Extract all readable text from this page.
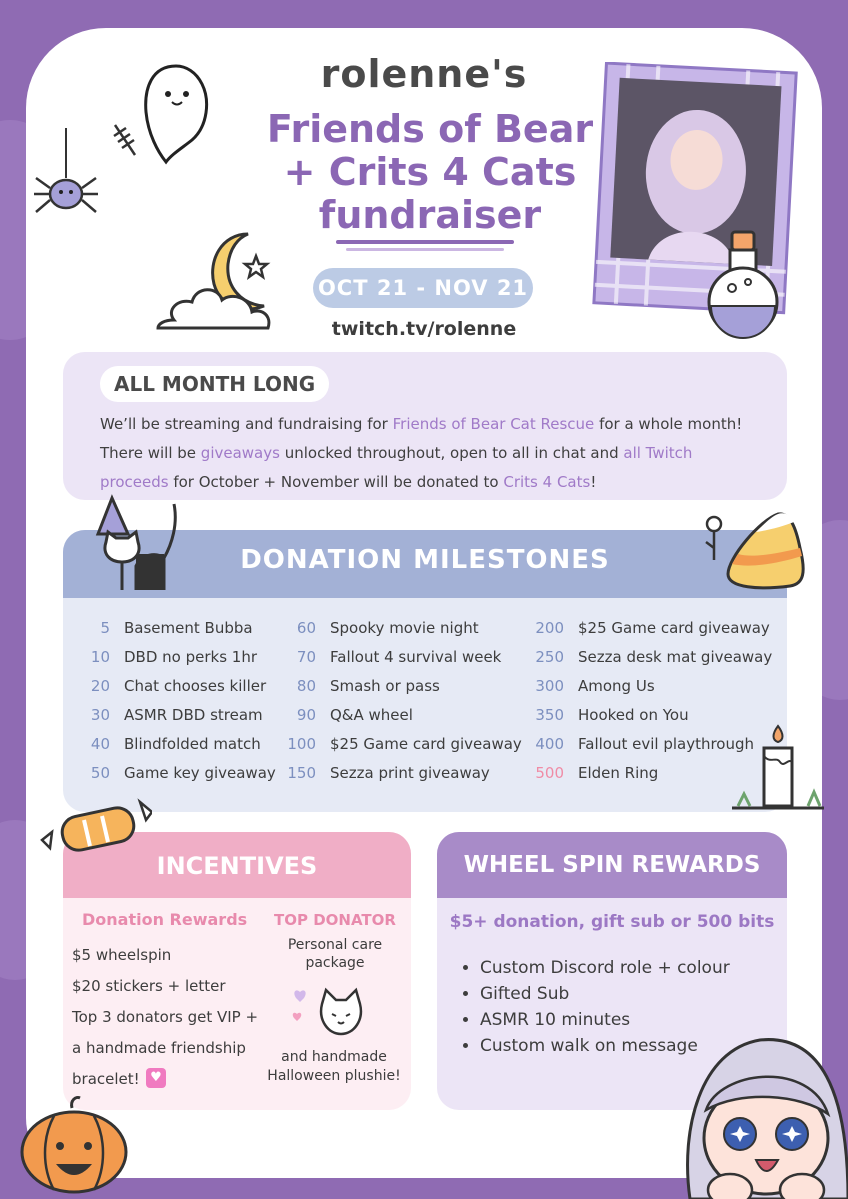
rolenne's
Friends of Bear
+ Crits 4 Cats
fundraiser
OCT 21 - NOV 21
twitch.tv/rolenne
ALL MONTH LONG
We’ll be streaming and fundraising for Friends of Bear Cat Rescue for a whole month! There will be giveaways unlocked throughout, open to all in chat and all Twitch proceeds for October + November will be donated to Crits 4 Cats!
DONATION MILESTONES
5 Basement Bubba
10 DBD no perks 1hr
20 Chat chooses killer
30 ASMR DBD stream
40 Blindfolded match
50 Game key giveaway
60 Spooky movie night
70 Fallout 4 survival week
80 Smash or pass
90 Q&A wheel
100 $25 Game card giveaway
150 Sezza print giveaway
200 $25 Game card giveaway
250 Sezza desk mat giveaway
300 Among Us
350 Hooked on You
400 Fallout evil playthrough
500 Elden Ring
INCENTIVES
Donation Rewards
$5 wheelspin
$20 stickers + letter
Top 3 donators get VIP +
a handmade friendship
bracelet! ♥
TOP DONATOR
Personal care
package
and handmade
Halloween plushie!
WHEEL SPIN REWARDS
$5+ donation, gift sub or 500 bits
• Custom Discord role + colour
• Gifted Sub
• ASMR 10 minutes
• Custom walk on message
